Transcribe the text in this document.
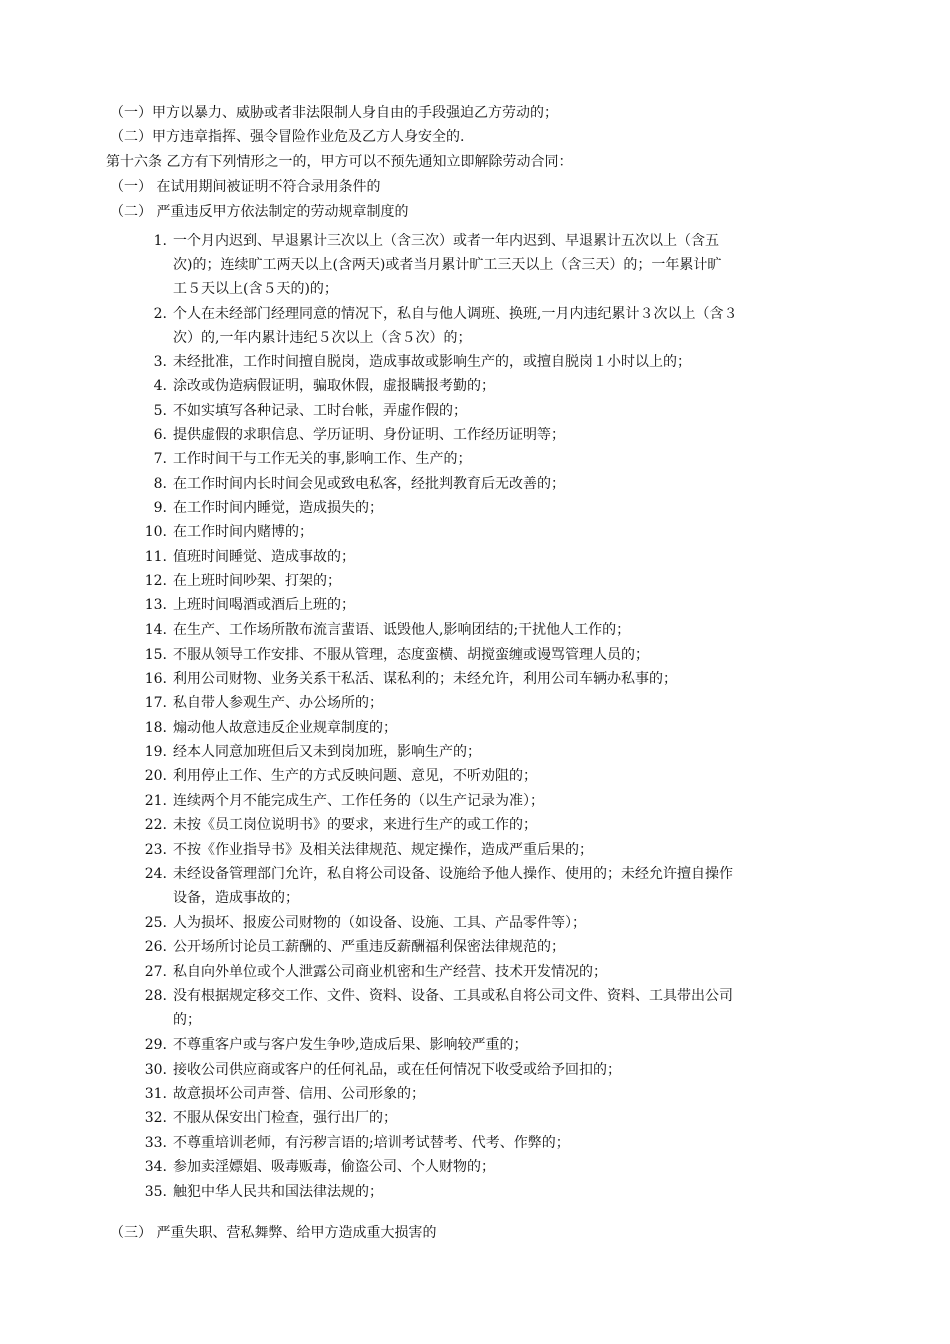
（一）甲方以暴力、威胁或者非法限制人身自由的手段强迫乙方劳动的；
（二）甲方违章指挥、强令冒险作业危及乙方人身安全的.
第十六条 乙方有下列情形之一的，甲方可以不预先通知立即解除劳动合同：
（一） 在试用期间被证明不符合录用条件的
（二） 严重违反甲方依法制定的劳动规章制度的
1. 一个月内迟到、早退累计三次以上（含三次）或者一年内迟到、早退累计五次以上（含五
次)的；连续旷工两天以上(含两天)或者当月累计旷工三天以上（含三天）的；一年累计旷
工５天以上(含５天的)的；
2. 个人在未经部门经理同意的情况下，私自与他人调班、换班,一月内违纪累计３次以上（含３
次）的,一年内累计违纪５次以上（含５次）的；
3. 未经批准，工作时间擅自脱岗，造成事故或影响生产的，或擅自脱岗１小时以上的；
4. 涂改或伪造病假证明，骗取休假，虚报瞒报考勤的；
5. 不如实填写各种记录、工时台帐，弄虚作假的；
6. 提供虚假的求职信息、学历证明、身份证明、工作经历证明等；
7. 工作时间干与工作无关的事,影响工作、生产的；
8. 在工作时间内长时间会见或致电私客，经批判教育后无改善的；
9. 在工作时间内睡觉，造成损失的；
10. 在工作时间内赌博的；
11. 值班时间睡觉、造成事故的；
12. 在上班时间吵架、打架的；
13. 上班时间喝酒或酒后上班的；
14. 在生产、工作场所散布流言蜚语、诋毁他人,影响团结的;干扰他人工作的；
15. 不服从领导工作安排、不服从管理，态度蛮横、胡搅蛮缠或谩骂管理人员的；
16. 利用公司财物、业务关系干私活、谋私利的；未经允许，利用公司车辆办私事的；
17. 私自带人参观生产、办公场所的；
18. 煽动他人故意违反企业规章制度的；
19. 经本人同意加班但后又未到岗加班，影响生产的；
20. 利用停止工作、生产的方式反映问题、意见，不听劝阻的；
21. 连续两个月不能完成生产、工作任务的（以生产记录为准）；
22. 未按《员工岗位说明书》的要求，来进行生产的或工作的；
23. 不按《作业指导书》及相关法律规范、规定操作，造成严重后果的；
24. 未经设备管理部门允许，私自将公司设备、设施给予他人操作、使用的；未经允许擅自操作
设备，造成事故的；
25. 人为损坏、报废公司财物的（如设备、设施、工具、产品零件等）；
26. 公开场所讨论员工薪酬的、严重违反薪酬福利保密法律规范的；
27. 私自向外单位或个人泄露公司商业机密和生产经营、技术开发情况的；
28. 没有根据规定移交工作、文件、资料、设备、工具或私自将公司文件、资料、工具带出公司
的；
29. 不尊重客户或与客户发生争吵,造成后果、影响较严重的；
30. 接收公司供应商或客户的任何礼品，或在任何情况下收受或给予回扣的；
31. 故意损坏公司声誉、信用、公司形象的；
32. 不服从保安出门检查，强行出厂的；
33. 不尊重培训老师，有污秽言语的;培训考试替考、代考、作弊的；
34. 参加卖淫嫖娼、吸毒贩毒，偷盗公司、个人财物的；
35. 触犯中华人民共和国法律法规的；
（三） 严重失职、营私舞弊、给甲方造成重大损害的
